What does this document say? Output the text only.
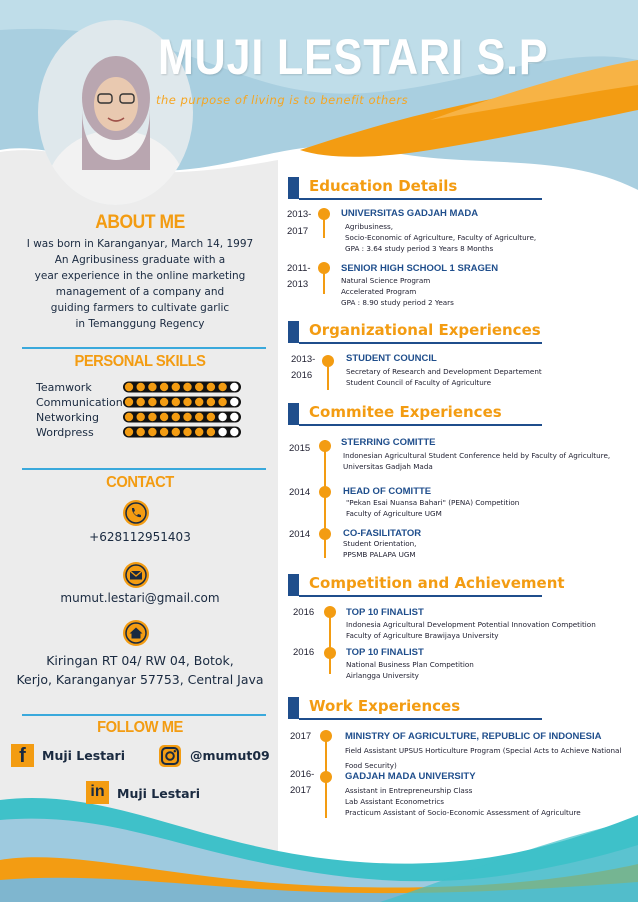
MUJI LESTARI S.P
the purpose of living is to benefit others
ABOUT ME
I was born in Karanganyar, March 14, 1997
An Agribusiness graduate with a
year experience in the online marketing
management of a company and
guiding farmers to cultivate garlic
in Temanggung Regency
PERSONAL SKILLS
Teamwork
Communication
Networking
Wordpress
CONTACT
+628112951403
mumut.lestari@gmail.com
Kiringan RT 04/ RW 04, Botok,
Kerjo, Karanganyar 57753, Central Java
FOLLOW ME
f	Muji Lestari	@mumut09
in Muji Lestari
Education Details
2013-
2017
UNIVERSITAS GADJAH MADA
Agribusiness,
Socio-Economic of Agriculture, Faculty of Agriculture,
GPA : 3.64 study period 3 Years 8 Months
2011-
2013
SENIOR HIGH SCHOOL 1 SRAGEN
Natural Science Program
Accelerated Program
GPA : 8.90 study period 2 Years
Organizational Experiences
2013-
2016
STUDENT COUNCIL
Secretary of Research and Development Departement
Student Council of Faculty of Agriculture
Commitee Experiences
2015
STERRING COMITTE
Indonesian Agricultural Student Conference held by Faculty of Agriculture,
Universitas Gadjah Mada
2014	HEAD OF COMITTE
"Pekan Esai Nuansa Bahari" (PENA) Competition
Faculty of Agriculture UGM
2014	CO-FASILITATOR
Student Orientation,
PPSMB PALAPA UGM
Competition and Achievement
2016	TOP 10 FINALIST
Indonesia Agricultural Development Potential Innovation Competition
Faculty of Agriculture Brawijaya University
2016	TOP 10 FINALIST
National Business Plan Competition
Airlangga University
Work Experiences
2017	MINISTRY OF AGRICULTURE, REPUBLIC OF INDONESIA
Field Assistant UPSUS Horticulture Program (Special Acts to Achieve National
Food Security)
2016-
2017
GADJAH MADA UNIVERSITY
Assistant in Entrepreneurship Class
Lab Assistant Econometrics
Practicum Assistant of Socio-Economic Assessment of Agriculture
